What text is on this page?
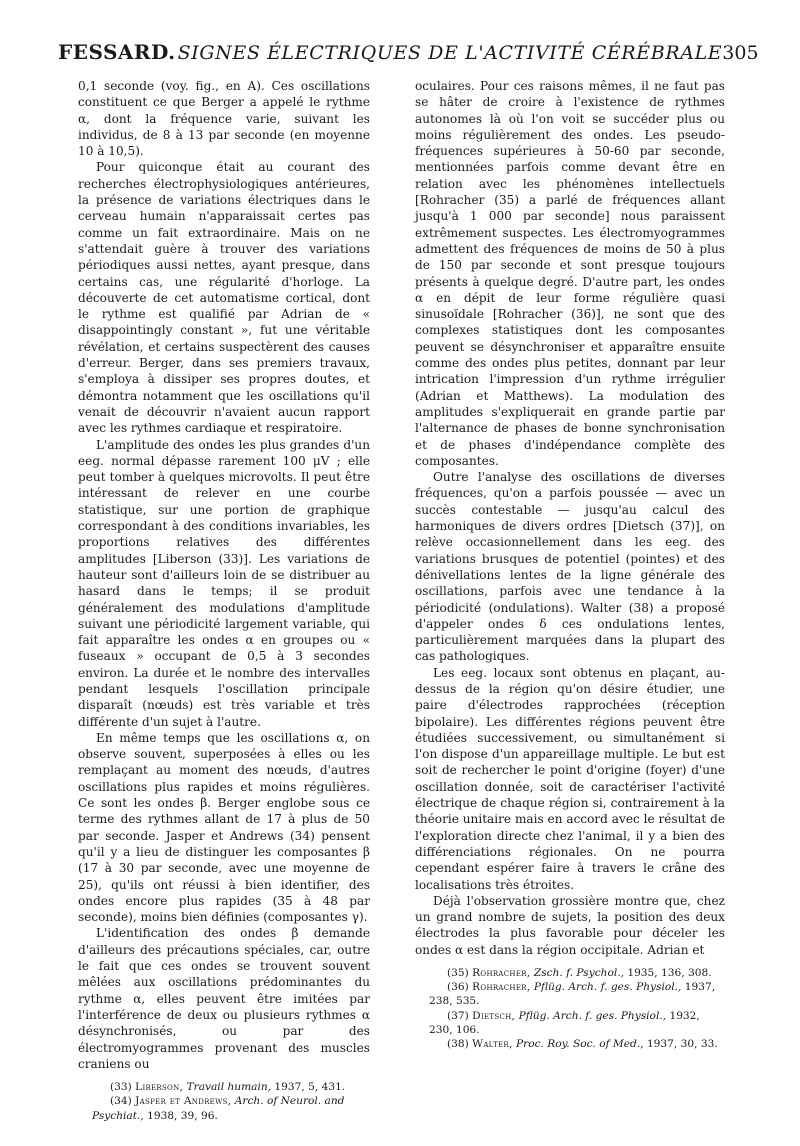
FESSARD. SIGNES ÉLECTRIQUES DE L'ACTIVITÉ CÉRÉBRALE 305

0,1 seconde (voy. fig., en A). Ces oscillations constituent ce que Berger a appelé le rythme α, dont la fréquence varie, suivant les individus, de 8 à 13 par seconde (en moyenne 10 à 10,5).

Pour quiconque était au courant des recherches électrophysiologiques antérieures, la présence de variations électriques dans le cerveau humain n'apparaissait certes pas comme un fait extraordinaire. Mais on ne s'attendait guère à trouver des variations périodiques aussi nettes, ayant presque, dans certains cas, une régularité d'horloge. La découverte de cet automatisme cortical, dont le rythme est qualifié par Adrian de « disappointingly constant », fut une véritable révélation, et certains suspectèrent des causes d'erreur. Berger, dans ses premiers travaux, s'employa à dissiper ses propres doutes, et démontra notamment que les oscillations qu'il venait de découvrir n'avaient aucun rapport avec les rythmes cardiaque et respiratoire.

L'amplitude des ondes les plus grandes d'un eeg. normal dépasse rarement 100 μV ; elle peut tomber à quelques microvolts. Il peut être intéressant de relever en une courbe statistique, sur une portion de graphique correspondant à des conditions invariables, les proportions relatives des différentes amplitudes [Liberson (33)]. Les variations de hauteur sont d'ailleurs loin de se distribuer au hasard dans le temps; il se produit généralement des modulations d'amplitude suivant une périodicité largement variable, qui fait apparaître les ondes α en groupes ou « fuseaux » occupant de 0,5 à 3 secondes environ. La durée et le nombre des intervalles pendant lesquels l'oscillation principale disparaît (nœuds) est très variable et très différente d'un sujet à l'autre.

En même temps que les oscillations α, on observe souvent, superposées à elles ou les remplaçant au moment des nœuds, d'autres oscillations plus rapides et moins régulières. Ce sont les ondes β. Berger englobe sous ce terme des rythmes allant de 17 à plus de 50 par seconde. Jasper et Andrews (34) pensent qu'il y a lieu de distinguer les composantes β (17 à 30 par seconde, avec une moyenne de 25), qu'ils ont réussi à bien identifier, des ondes encore plus rapides (35 à 48 par seconde), moins bien définies (composantes γ).

L'identification des ondes β demande d'ailleurs des précautions spéciales, car, outre le fait que ces ondes se trouvent souvent mêlées aux oscillations prédominantes du rythme α, elles peuvent être imitées par l'interférence de deux ou plusieurs rythmes α désynchronisés, ou par des électromyogrammes provenant des muscles craniens ou

(33) Liberson, Travail humain, 1937, 5, 431.

(34) Jasper et Andrews, Arch. of Neurol. and Psychiat., 1938, 39, 96.

oculaires. Pour ces raisons mêmes, il ne faut pas se hâter de croire à l'existence de rythmes autonomes là où l'on voit se succéder plus ou moins régulièrement des ondes. Les pseudo-fréquences supérieures à 50-60 par seconde, mentionnées parfois comme devant être en relation avec les phénomènes intellectuels [Rohracher (35) a parlé de fréquences allant jusqu'à 1 000 par seconde] nous paraissent extrêmement suspectes. Les électromyogrammes admettent des fréquences de moins de 50 à plus de 150 par seconde et sont presque toujours présents à quelque degré. D'autre part, les ondes α en dépit de leur forme régulière quasi sinusoïdale [Rohracher (36)], ne sont que des complexes statistiques dont les composantes peuvent se désynchroniser et apparaître ensuite comme des ondes plus petites, donnant par leur intrication l'impression d'un rythme irrégulier (Adrian et Matthews). La modulation des amplitudes s'expliquerait en grande partie par l'alternance de phases de bonne synchronisation et de phases d'indépendance complète des composantes.

Outre l'analyse des oscillations de diverses fréquences, qu'on a parfois poussée — avec un succès contestable — jusqu'au calcul des harmoniques de divers ordres [Dietsch (37)], on relève occasionnellement dans les eeg. des variations brusques de potentiel (pointes) et des dénivellations lentes de la ligne générale des oscillations, parfois avec une tendance à la périodicité (ondulations). Walter (38) a proposé d'appeler ondes δ ces ondulations lentes, particulièrement marquées dans la plupart des cas pathologiques.

Les eeg. locaux sont obtenus en plaçant, au-dessus de la région qu'on désire étudier, une paire d'électrodes rapprochées (réception bipolaire). Les différentes régions peuvent être étudiées successivement, ou simultanément si l'on dispose d'un appareillage multiple. Le but est soit de rechercher le point d'origine (foyer) d'une oscillation donnée, soit de caractériser l'activité électrique de chaque région si, contrairement à la théorie unitaire mais en accord avec le résultat de l'exploration directe chez l'animal, il y a bien des différenciations régionales. On ne pourra cependant espérer faire à travers le crâne des localisations très étroites.

Déjà l'observation grossière montre que, chez un grand nombre de sujets, la position des deux électrodes la plus favorable pour déceler les ondes α est dans la région occipitale. Adrian et

(35) Rohracher, Zsch. f. Psychol., 1935, 136, 308.

(36) Rohracher, Pflüg. Arch. f. ges. Physiol., 1937, 238, 535.

(37) Dietsch, Pflüg. Arch. f. ges. Physiol., 1932, 230, 106.

(38) Walter, Proc. Roy. Soc. of Med., 1937, 30, 33.
